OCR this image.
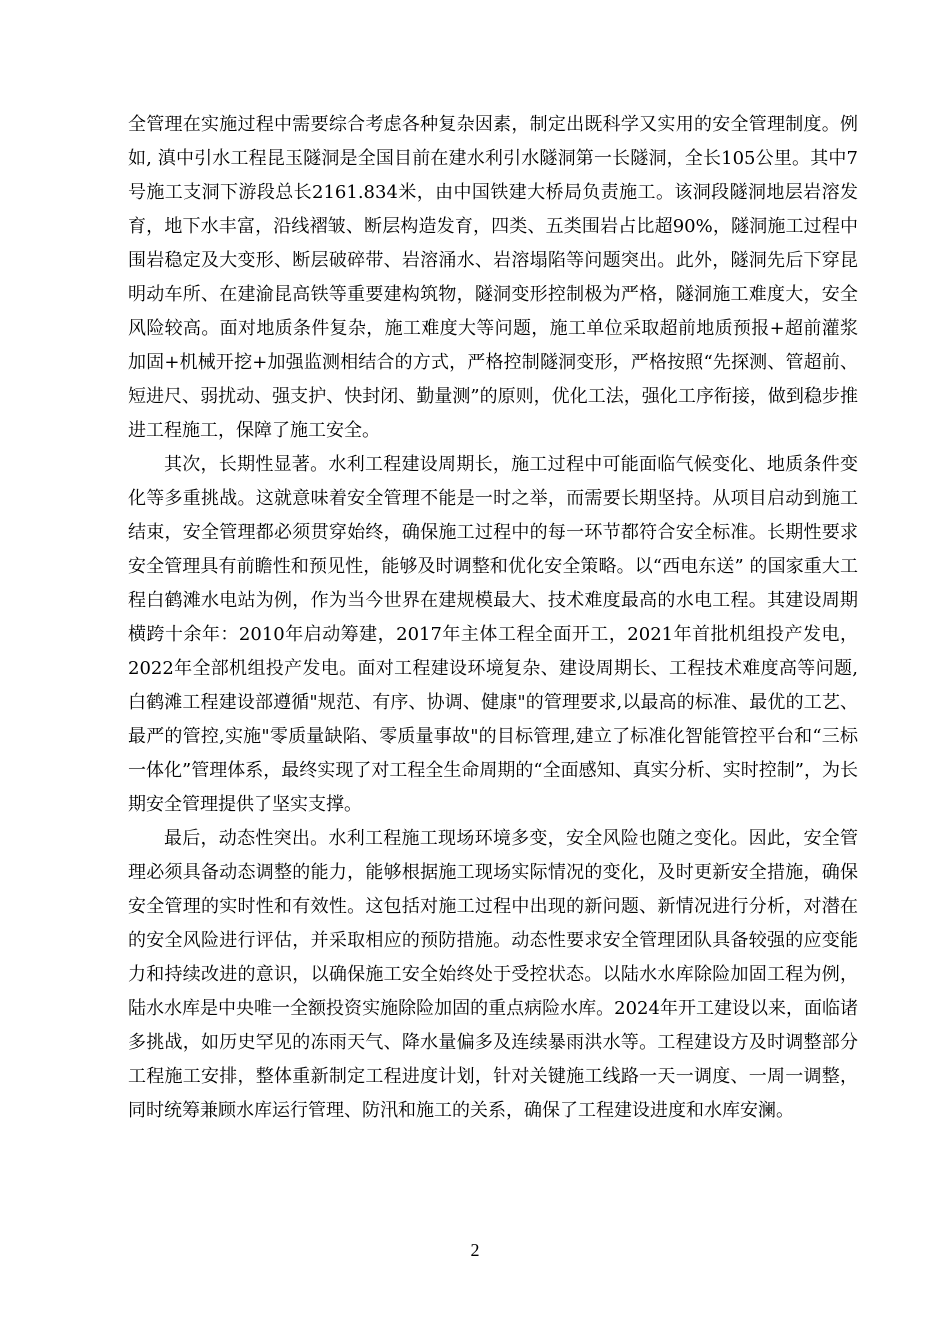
全管理在实施过程中需要综合考虑各种复杂因素，制定出既科学又实用的安全管理制度。例如, 滇中引水工程昆玉隧洞是全国目前在建水利引水隧洞第一长隧洞，全长105公里。其中7号施工支洞下游段总长2161.834米，由中国铁建大桥局负责施工。该洞段隧洞地层岩溶发育，地下水丰富，沿线褶皱、断层构造发育，四类、五类围岩占比超90%，隧洞施工过程中围岩稳定及大变形、断层破碎带、岩溶涌水、岩溶塌陷等问题突出。此外，隧洞先后下穿昆明动车所、在建渝昆高铁等重要建构筑物，隧洞变形控制极为严格，隧洞施工难度大，安全风险较高。面对地质条件复杂，施工难度大等问题，施工单位采取超前地质预报+超前灌浆加固+机械开挖+加强监测相结合的方式，严格控制隧洞变形，严格按照“先探测、管超前、短进尺、弱扰动、强支护、快封闭、勤量测”的原则，优化工法，强化工序衔接，做到稳步推进工程施工，保障了施工安全。

其次，长期性显著。水利工程建设周期长，施工过程中可能面临气候变化、地质条件变化等多重挑战。这就意味着安全管理不能是一时之举，而需要长期坚持。从项目启动到施工结束，安全管理都必须贯穿始终，确保施工过程中的每一环节都符合安全标准。长期性要求安全管理具有前瞻性和预见性，能够及时调整和优化安全策略。以“西电东送” 的国家重大工程白鹤滩水电站为例，作为当今世界在建规模最大、技术难度最高的水电工程。其建设周期横跨十余年：2010年启动筹建，2017年主体工程全面开工，2021年首批机组投产发电，2022年全部机组投产发电。面对工程建设环境复杂、建设周期长、工程技术难度高等问题,白鹤滩工程建设部遵循"规范、有序、协调、健康"的管理要求,以最高的标准、最优的工艺、最严的管控,实施"零质量缺陷、零质量事故"的目标管理,建立了标准化智能管控平台和“三标一体化”管理体系，最终实现了对工程全生命周期的“全面感知、真实分析、实时控制”，为长期安全管理提供了坚实支撑。

最后，动态性突出。水利工程施工现场环境多变，安全风险也随之变化。因此，安全管理必须具备动态调整的能力，能够根据施工现场实际情况的变化，及时更新安全措施，确保安全管理的实时性和有效性。这包括对施工过程中出现的新问题、新情况进行分析，对潜在的安全风险进行评估，并采取相应的预防措施。动态性要求安全管理团队具备较强的应变能力和持续改进的意识，以确保施工安全始终处于受控状态。以陆水水库除险加固工程为例，陆水水库是中央唯一全额投资实施除险加固的重点病险水库。2024年开工建设以来，面临诸多挑战，如历史罕见的冻雨天气、降水量偏多及连续暴雨洪水等。工程建设方及时调整部分工程施工安排，整体重新制定工程进度计划，针对关键施工线路一天一调度、一周一调整，同时统筹兼顾水库运行管理、防汛和施工的关系，确保了工程建设进度和水库安澜。

2
